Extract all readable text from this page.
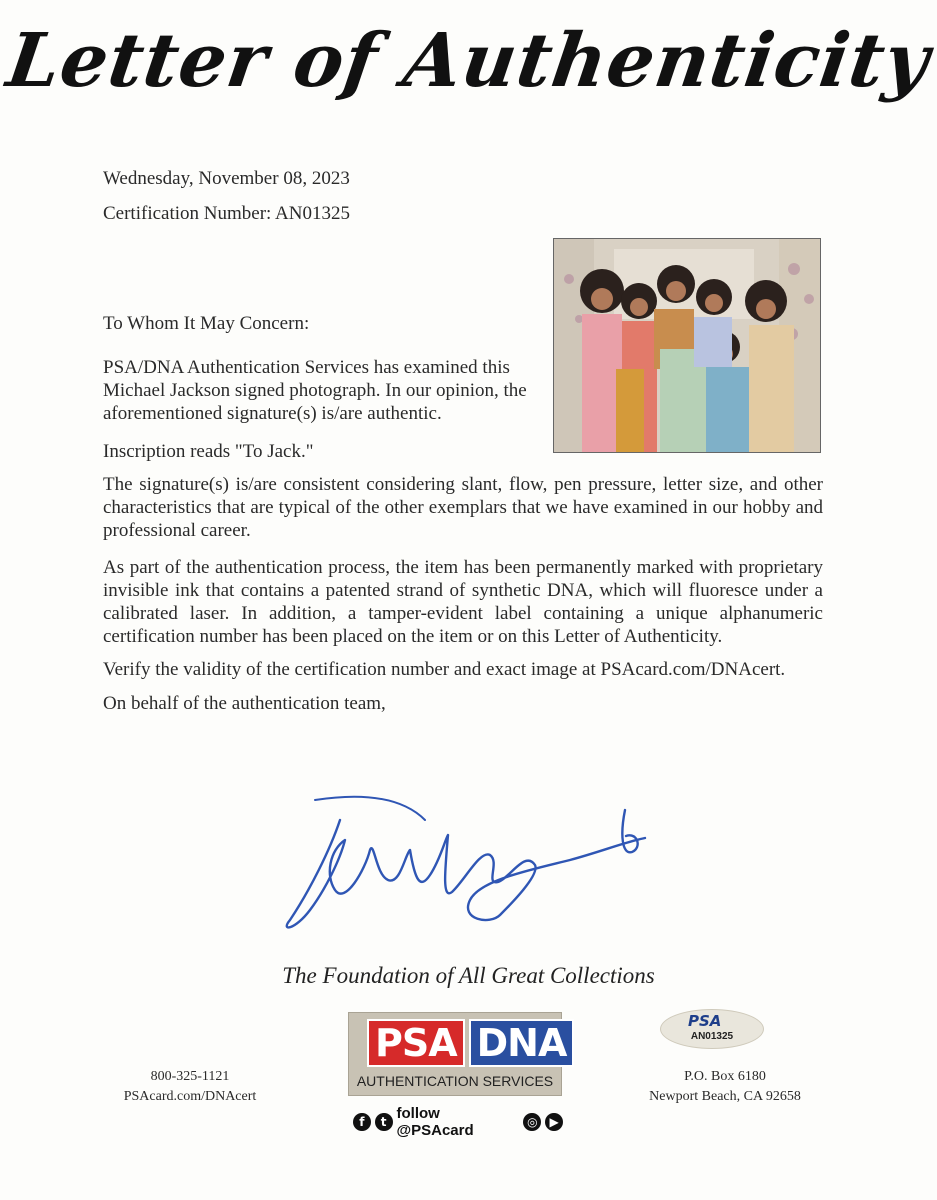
Letter of Authenticity
Wednesday, November 08, 2023
Certification Number: AN01325
To Whom It May Concern:
PSA/DNA Authentication Services has examined this Michael Jackson signed photograph. In our opinion, the aforementioned signature(s) is/are authentic.
Inscription reads "To Jack."
The signature(s) is/are consistent considering slant, flow, pen pressure, letter size, and other characteristics that are typical of the other exemplars that we have examined in our hobby and professional career.
As part of the authentication process, the item has been permanently marked with proprietary invisible ink that contains a patented strand of synthetic DNA, which will fluoresce under a calibrated laser. In addition, a tamper-evident label containing a unique alphanumeric certification number has been placed on the item or on this Letter of Authenticity.
Verify the validity of the certification number and exact image at PSAcard.com/DNAcert.
On behalf of the authentication team,
The Foundation of All Great Collections
800-325-1121
PSAcard.com/DNAcert
PSA DNA
AUTHENTICATION SERVICES
f	t follow @PSAcard	◎ ▶
PSA
AN01325
P.O. Box 6180
Newport Beach, CA 92658
